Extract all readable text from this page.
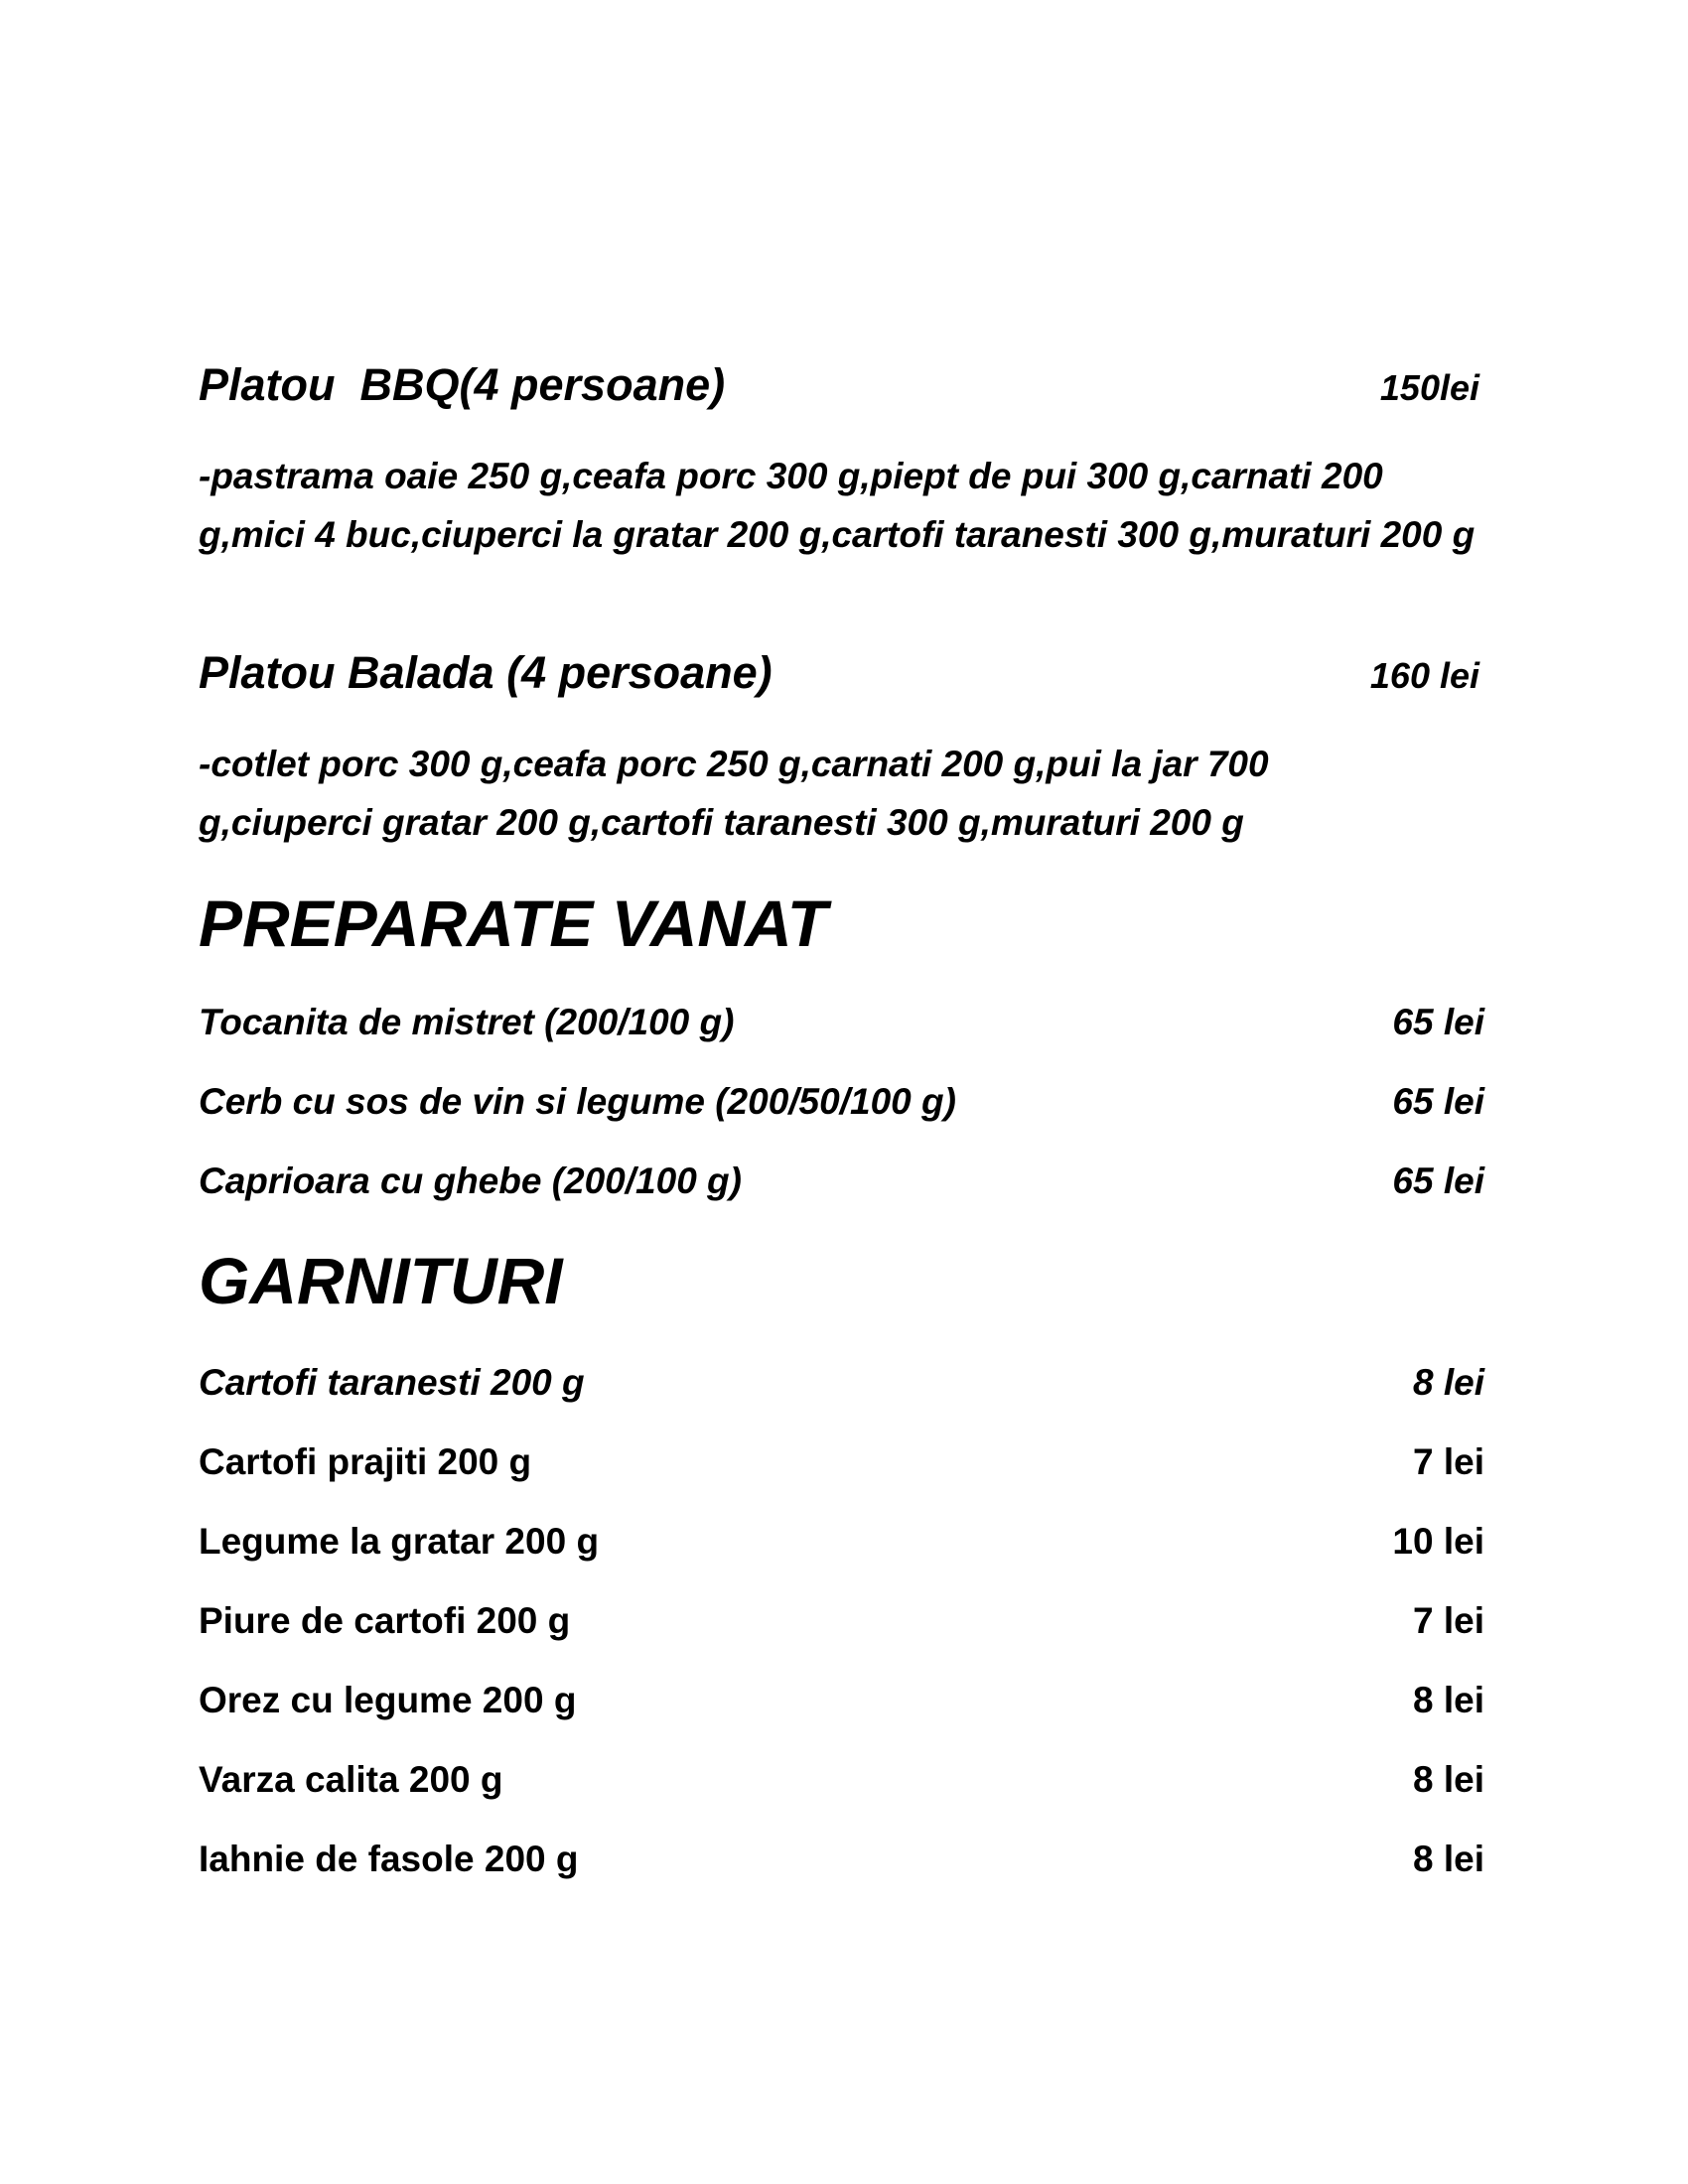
Platou  BBQ(4 persoane)	150lei

-pastrama oaie 250 g,ceafa porc 300 g,piept de pui 300 g,carnati 200 g,mici 4 buc,ciuperci la gratar 200 g,cartofi taranesti 300 g,muraturi 200 g

Platou Balada (4 persoane)	160 lei

-cotlet porc 300 g,ceafa porc 250 g,carnati 200 g,pui la jar 700 g,ciuperci gratar 200 g,cartofi taranesti 300 g,muraturi 200 g

PREPARATE VANAT
Tocanita de mistret (200/100 g)	65 lei
Cerb cu sos de vin si legume (200/50/100 g)	65 lei
Caprioara cu ghebe (200/100 g)	65 lei
GARNITURI
Cartofi taranesti 200 g	8 lei
Cartofi prajiti 200 g	7 lei
Legume la gratar 200 g	10 lei
Piure de cartofi 200 g	7 lei
Orez cu legume 200 g	8 lei
Varza calita 200 g	8 lei
Iahnie de fasole 200 g	8 lei
